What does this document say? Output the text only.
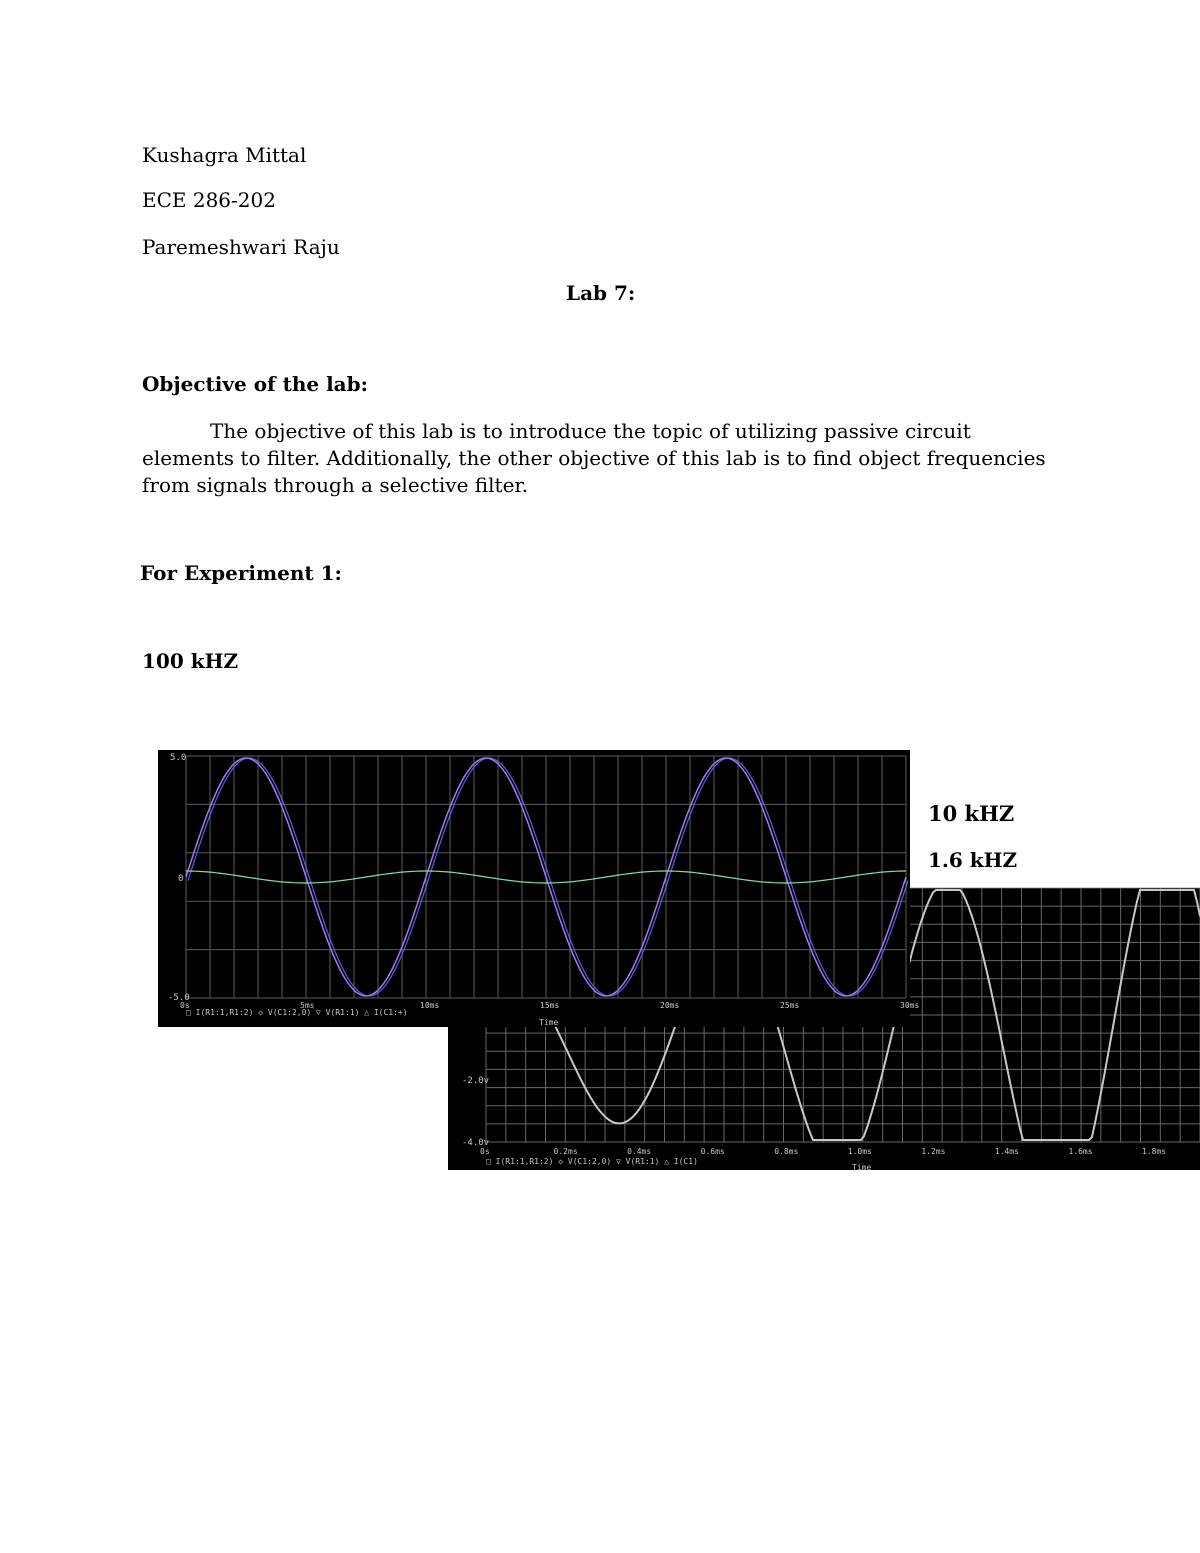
Kushagra Mittal
ECE 286-202
Paremeshwari Raju
Lab 7:
Objective of the lab:
The objective of this lab is to introduce the topic of utilizing passive circuit elements to filter. Additionally, the other objective of this lab is to find object frequencies from signals through a selective filter.
For Experiment 1:
100 kHZ
-2.0v
-4.0v
0s	0.2ms	0.4ms	0.6ms	0.8ms	1.0ms	1.2ms	1.4ms	1.6ms	1.8ms
□ I(R1:1,R1:2) ◇ V(C1:2,0) ▽ V(R1:1) △ I(C1)
Time
5.0
0
-5.0
0s	5ms	10ms	15ms	20ms	25ms	30ms
□ I(R1:1,R1:2) ◇ V(C1:2,0) ▽ V(R1:1) △ I(C1:+)
Time
10 kHZ
1.6 kHZ
